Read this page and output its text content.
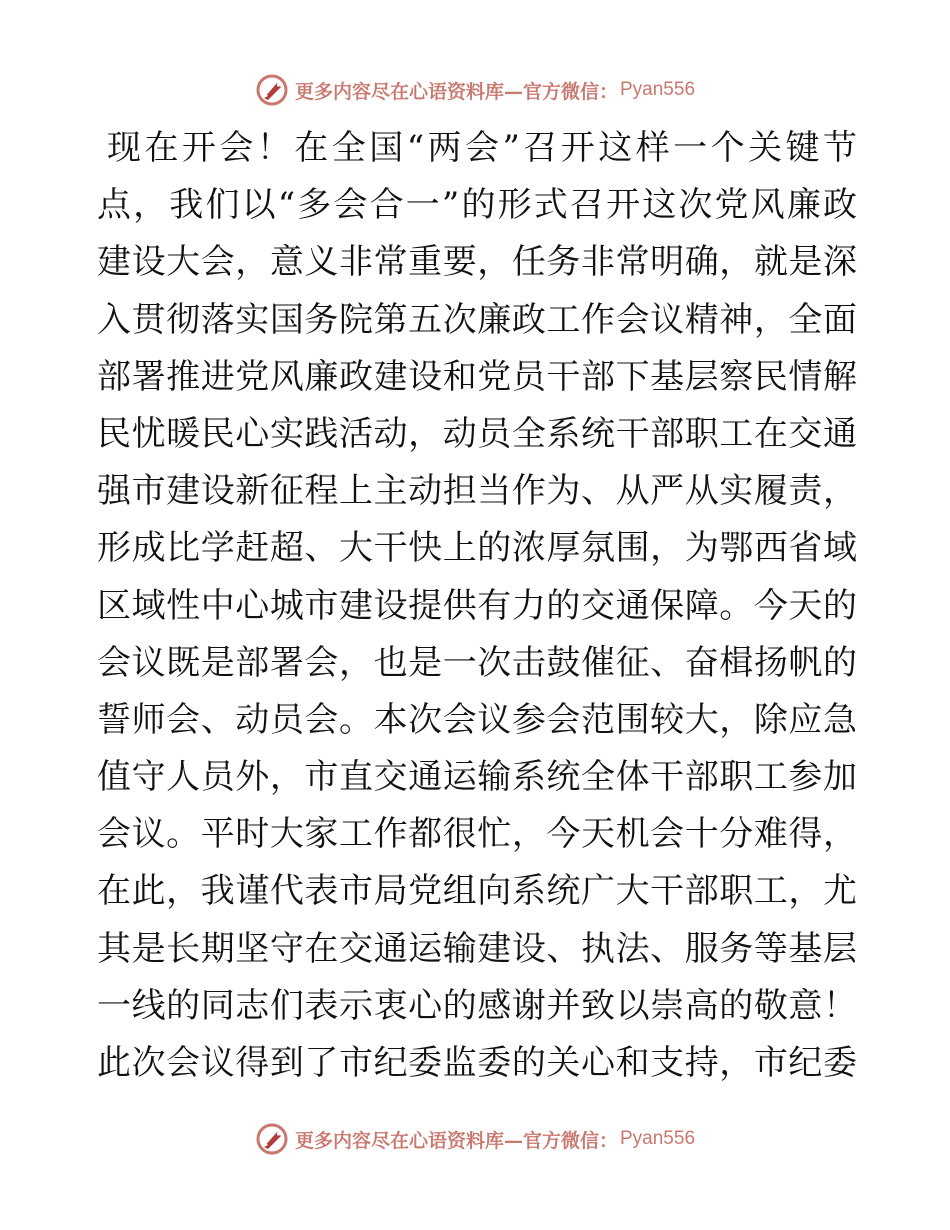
更多内容尽在心语资料库—官方微信： Pyan556
现在开会！在全国“两会”召开这样一个关键节
点，我们以“多会合一”的形式召开这次党风廉政
建设大会，意义非常重要，任务非常明确，就是深
入贯彻落实国务院第五次廉政工作会议精神，全面
部署推进党风廉政建设和党员干部下基层察民情解
民忧暖民心实践活动，动员全系统干部职工在交通
强市建设新征程上主动担当作为、从严从实履责，
形成比学赶超、大干快上的浓厚氛围，为鄂西省域
区域性中心城市建设提供有力的交通保障。今天的
会议既是部署会，也是一次击鼓催征、奋楫扬帆的
誓师会、动员会。本次会议参会范围较大，除应急
值守人员外，市直交通运输系统全体干部职工参加
会议。平时大家工作都很忙，今天机会十分难得，
在此，我谨代表市局党组向系统广大干部职工，尤
其是长期坚守在交通运输建设、执法、服务等基层
一线的同志们表示衷心的感谢并致以崇高的敬意！
此次会议得到了市纪委监委的关心和支持，市纪委
更多内容尽在心语资料库—官方微信： Pyan556
